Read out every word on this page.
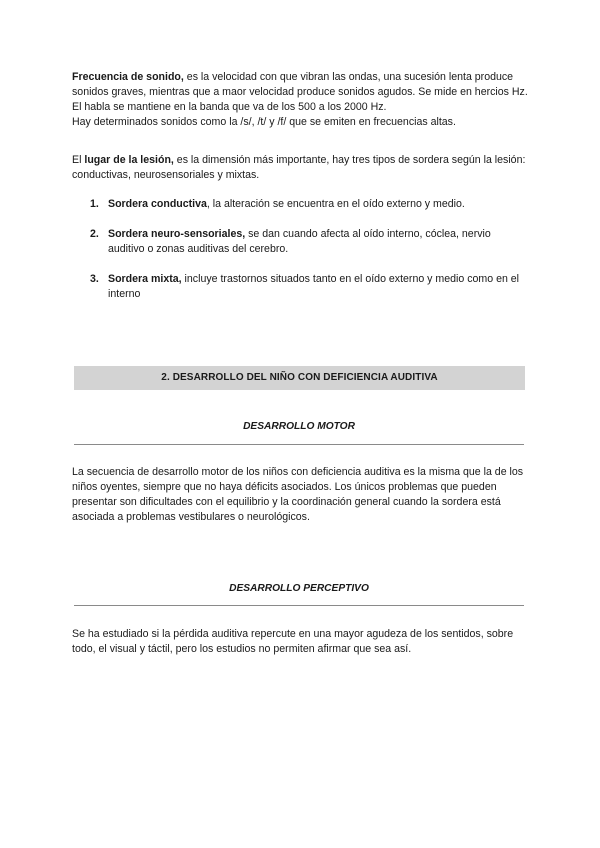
Frecuencia de sonido, es la velocidad con que vibran las ondas, una sucesión lenta produce sonidos graves, mientras que a maor velocidad produce sonidos agudos. Se mide en hercios Hz. El habla se mantiene en la banda que va de los 500 a los 2000 Hz.
Hay determinados sonidos como la /s/, /t/ y /f/ que se emiten en frecuencias altas.

El lugar de la lesión, es la dimensión más importante, hay tres tipos de sordera según la lesión: conductivas, neurosensoriales y mixtas.

1. Sordera conductiva, la alteración se encuentra en el oído externo y medio.
2. Sordera neuro-sensoriales, se dan cuando afecta al oído interno, cóclea, nervio auditivo o zonas auditivas del cerebro.
3. Sordera mixta, incluye trastornos situados tanto en el oído externo y medio como en el interno
2. DESARROLLO DEL NIÑO CON DEFICIENCIA AUDITIVA
DESARROLLO MOTOR

La secuencia de desarrollo motor de los niños con deficiencia auditiva es la misma que la de los niños oyentes, siempre que no haya déficits asociados. Los únicos problemas que pueden presentar son dificultades con el equilibrio y la coordinación general cuando la sordera está asociada a problemas vestibulares o neurológicos.

DESARROLLO PERCEPTIVO

Se ha estudiado si la pérdida auditiva repercute en una mayor agudeza de los sentidos, sobre todo, el visual y táctil, pero los estudios no permiten afirmar que sea así.
